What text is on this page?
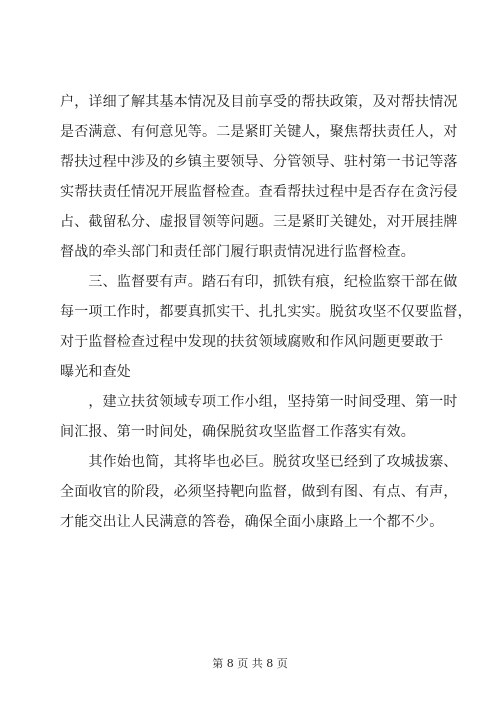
户，详细了解其基本情况及目前享受的帮扶政策，及对帮扶情况
是否满意、有何意见等。二是紧盯关键人，聚焦帮扶责任人，对
帮扶过程中涉及的乡镇主要领导、分管领导、驻村第一书记等落
实帮扶责任情况开展监督检查。查看帮扶过程中是否存在贪污侵
占、截留私分、虚报冒领等问题。三是紧盯关键处，对开展挂牌
督战的牵头部门和责任部门履行职责情况进行监督检查。
　　三、监督要有声。踏石有印，抓铁有痕，纪检监察干部在做
每一项工作时，都要真抓实干、扎扎实实。脱贫攻坚不仅要监督，
对于监督检查过程中发现的扶贫领域腐败和作风问题更要敢于
曝光和查处
　　，建立扶贫领域专项工作小组，坚持第一时间受理、第一时
间汇报、第一时间处，确保脱贫攻坚监督工作落实有效。
　　其作始也简，其将毕也必巨。脱贫攻坚已经到了攻城拔寨、
全面收官的阶段，必须坚持靶向监督，做到有图、有点、有声，
才能交出让人民满意的答卷，确保全面小康路上一个都不少。
第 8 页 共 8 页
